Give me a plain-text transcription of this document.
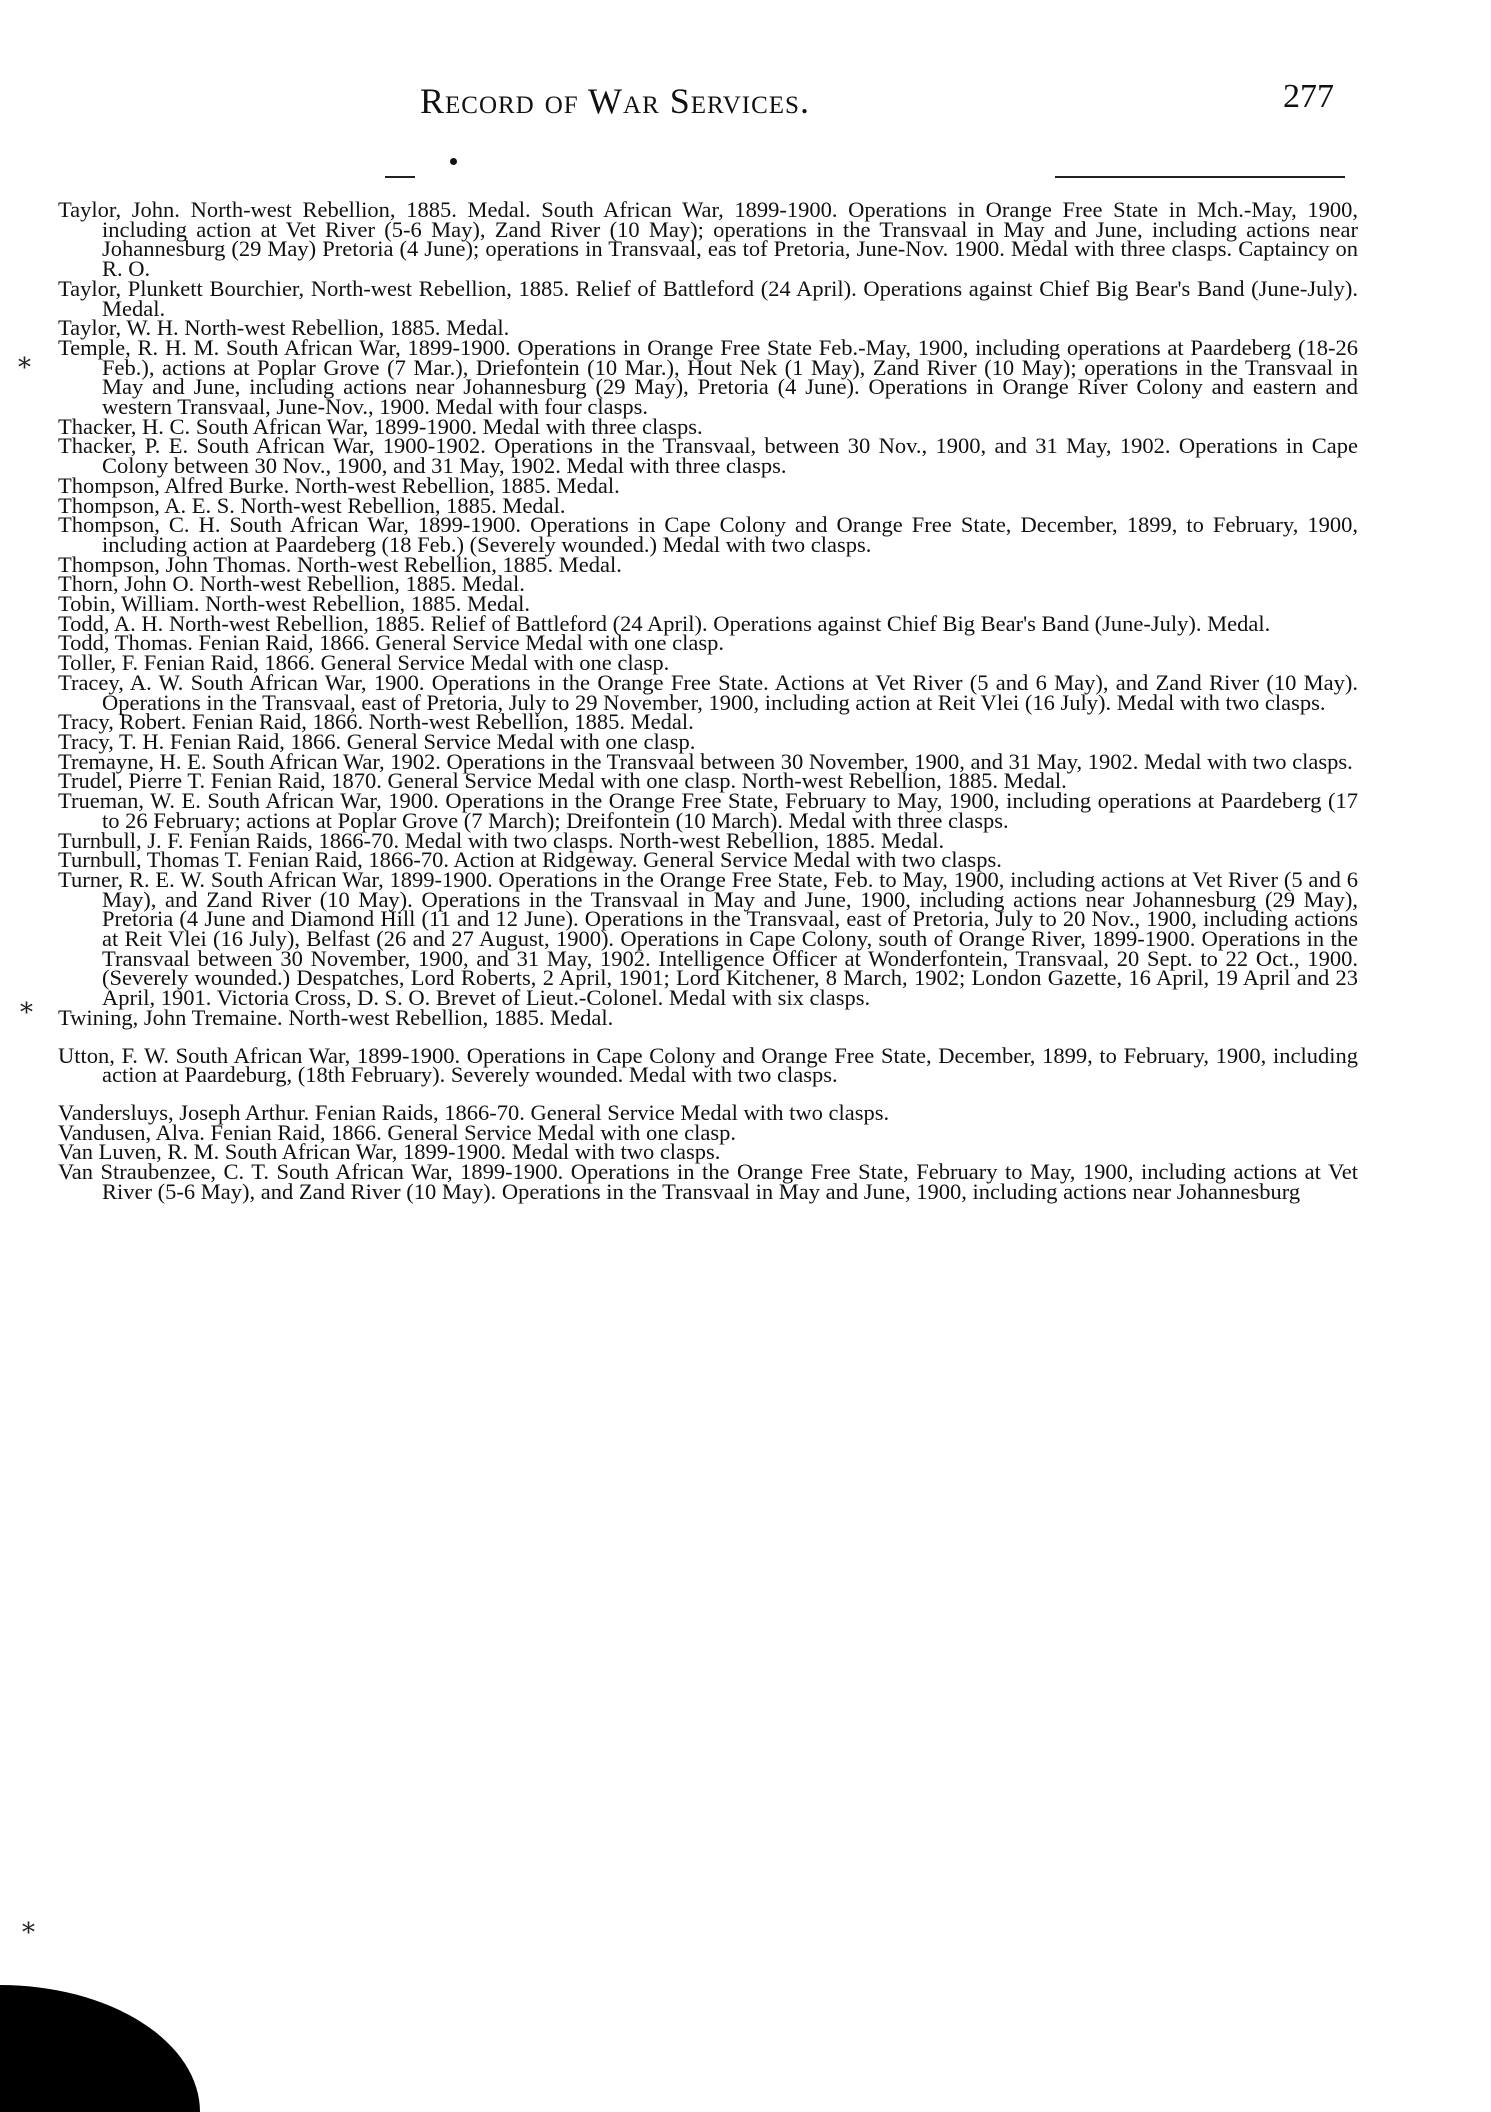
Record of War Services.	277
⁎
⁎
⁎

Taylor, John. North-west Rebellion, 1885. Medal. South African War, 1899-1900. Operations in Orange Free State in Mch.-May, 1900, including action at Vet River (5-6 May), Zand River (10 May); operations in the Transvaal in May and June, including actions near Johannesburg (29 May) Pretoria (4 June); operations in Transvaal, eas tof Pretoria, June-Nov. 1900. Medal with three clasps. Captaincy on R. O.

Taylor, Plunkett Bourchier, North-west Rebellion, 1885. Relief of Battleford (24 April). Operations against Chief Big Bear's Band (June-July). Medal.

Taylor, W. H. North-west Rebellion, 1885. Medal.

Temple, R. H. M. South African War, 1899-1900. Operations in Orange Free State Feb.-May, 1900, including operations at Paardeberg (18-26 Feb.), actions at Poplar Grove (7 Mar.), Driefontein (10 Mar.), Hout Nek (1 May), Zand River (10 May); operations in the Transvaal in May and June, including actions near Johannesburg (29 May), Pretoria (4 June). Operations in Orange River Colony and eastern and western Transvaal, June-Nov., 1900. Medal with four clasps.

Thacker, H. C. South African War, 1899-1900. Medal with three clasps.

Thacker, P. E. South African War, 1900-1902. Operations in the Transvaal, between 30 Nov., 1900, and 31 May, 1902. Operations in Cape Colony between 30 Nov., 1900, and 31 May, 1902. Medal with three clasps.

Thompson, Alfred Burke. North-west Rebellion, 1885. Medal.

Thompson, A. E. S. North-west Rebellion, 1885. Medal.

Thompson, C. H. South African War, 1899-1900. Operations in Cape Colony and Orange Free State, December, 1899, to February, 1900, including action at Paardeberg (18 Feb.) (Severely wounded.) Medal with two clasps.

Thompson, John Thomas. North-west Rebellion, 1885. Medal.

Thorn, John O. North-west Rebellion, 1885. Medal.

Tobin, William. North-west Rebellion, 1885. Medal.

Todd, A. H. North-west Rebellion, 1885. Relief of Battleford (24 April). Operations against Chief Big Bear's Band (June-July). Medal.

Todd, Thomas. Fenian Raid, 1866. General Service Medal with one clasp.

Toller, F. Fenian Raid, 1866. General Service Medal with one clasp.

Tracey, A. W. South African War, 1900. Operations in the Orange Free State. Actions at Vet River (5 and 6 May), and Zand River (10 May). Operations in the Transvaal, east of Pretoria, July to 29 November, 1900, including action at Reit Vlei (16 July). Medal with two clasps.

Tracy, Robert. Fenian Raid, 1866. North-west Rebellion, 1885. Medal.

Tracy, T. H. Fenian Raid, 1866. General Service Medal with one clasp.

Tremayne, H. E. South African War, 1902. Operations in the Transvaal between 30 November, 1900, and 31 May, 1902. Medal with two clasps.

Trudel, Pierre T. Fenian Raid, 1870. General Service Medal with one clasp. North-west Rebellion, 1885. Medal.

Trueman, W. E. South African War, 1900. Operations in the Orange Free State, February to May, 1900, including operations at Paardeberg (17 to 26 February; actions at Poplar Grove (7 March); Dreifontein (10 March). Medal with three clasps.

Turnbull, J. F. Fenian Raids, 1866-70. Medal with two clasps. North-west Rebellion, 1885. Medal.

Turnbull, Thomas T. Fenian Raid, 1866-70. Action at Ridgeway. General Service Medal with two clasps.

Turner, R. E. W. South African War, 1899-1900. Operations in the Orange Free State, Feb. to May, 1900, including actions at Vet River (5 and 6 May), and Zand River (10 May). Operations in the Transvaal in May and June, 1900, including actions near Johannesburg (29 May), Pretoria (4 June and Diamond Hill (11 and 12 June). Operations in the Transvaal, east of Pretoria, July to 20 Nov., 1900, including actions at Reit Vlei (16 July), Belfast (26 and 27 August, 1900). Operations in Cape Colony, south of Orange River, 1899-1900. Operations in the Transvaal between 30 November, 1900, and 31 May, 1902. Intelligence Officer at Wonderfontein, Transvaal, 20 Sept. to 22 Oct., 1900. (Severely wounded.) Despatches, Lord Roberts, 2 April, 1901; Lord Kitchener, 8 March, 1902; London Gazette, 16 April, 19 April and 23 April, 1901. Victoria Cross, D. S. O. Brevet of Lieut.-Colonel. Medal with six clasps.

Twining, John Tremaine. North-west Rebellion, 1885. Medal.

Utton, F. W. South African War, 1899-1900. Operations in Cape Colony and Orange Free State, December, 1899, to February, 1900, including action at Paardeburg, (18th February). Severely wounded. Medal with two clasps.

Vandersluys, Joseph Arthur. Fenian Raids, 1866-70. General Service Medal with two clasps.

Vandusen, Alva. Fenian Raid, 1866. General Service Medal with one clasp.

Van Luven, R. M. South African War, 1899-1900. Medal with two clasps.

Van Straubenzee, C. T. South African War, 1899-1900. Operations in the Orange Free State, February to May, 1900, including actions at Vet River (5-6 May), and Zand River (10 May). Operations in the Transvaal in May and June, 1900, including actions near Johannesburg
